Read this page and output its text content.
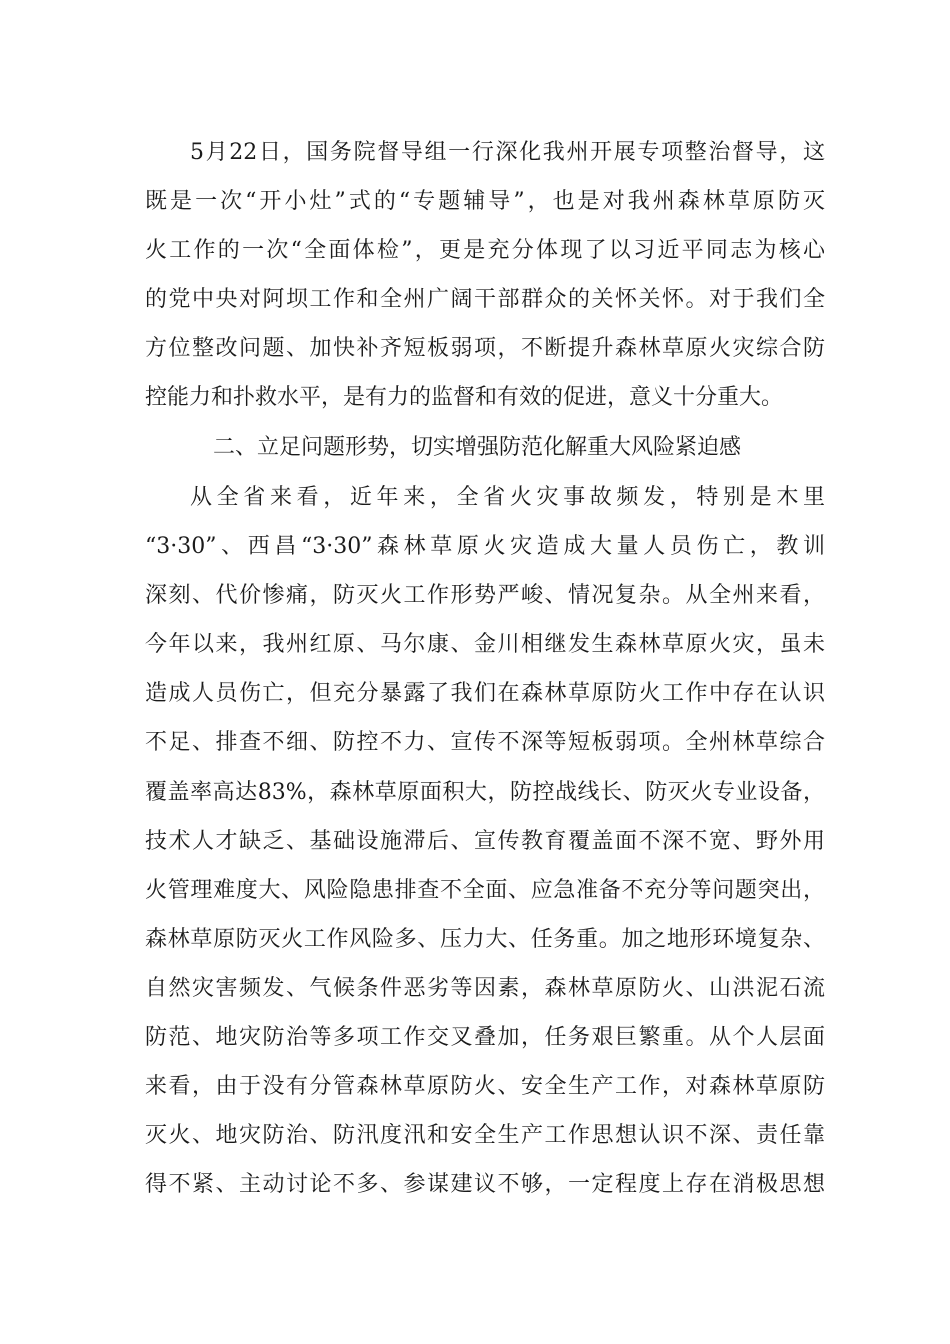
5月22日，国务院督导组一行深化我州开展专项整治督导，这
既是一次“开小灶”式的“专题辅导”，也是对我州森林草原防灭
火工作的一次“全面体检”，更是充分体现了以习近平同志为核心
的党中央对阿坝工作和全州广阔干部群众的关怀关怀。对于我们全
方位整改问题、加快补齐短板弱项，不断提升森林草原火灾综合防
控能力和扑救水平，是有力的监督和有效的促进，意义十分重大。
二、立足问题形势，切实增强防范化解重大风险紧迫感
从全省来看，近年来，全省火灾事故频发，特别是木里
“3·30”、西昌“3·30”森林草原火灾造成大量人员伤亡，教训
深刻、代价惨痛，防灭火工作形势严峻、情况复杂。从全州来看，
今年以来，我州红原、马尔康、金川相继发生森林草原火灾，虽未
造成人员伤亡，但充分暴露了我们在森林草原防火工作中存在认识
不足、排查不细、防控不力、宣传不深等短板弱项。全州林草综合
覆盖率高达83%，森林草原面积大，防控战线长、防灭火专业设备，
技术人才缺乏、基础设施滞后、宣传教育覆盖面不深不宽、野外用
火管理难度大、风险隐患排查不全面、应急准备不充分等问题突出，
森林草原防灭火工作风险多、压力大、任务重。加之地形环境复杂、
自然灾害频发、气候条件恶劣等因素，森林草原防火、山洪泥石流
防范、地灾防治等多项工作交叉叠加，任务艰巨繁重。从个人层面
来看，由于没有分管森林草原防火、安全生产工作，对森林草原防
灭火、地灾防治、防汛度汛和安全生产工作思想认识不深、责任靠
得不紧、主动讨论不多、参谋建议不够，一定程度上存在消极思想
